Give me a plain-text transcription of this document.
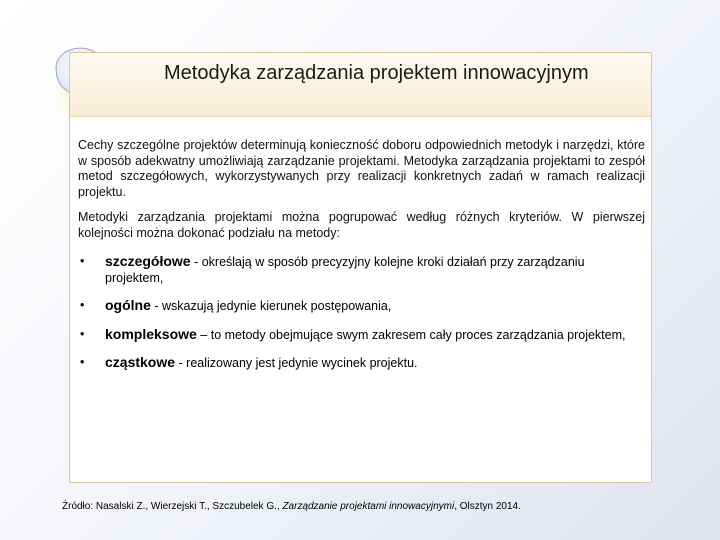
Metodyka zarządzania projektem innowacyjnym

Cechy szczególne projektów determinują konieczność doboru odpowiednich metodyk i narzędzi, które w sposób adekwatny umożliwiają zarządzanie projektami. Metodyka zarządzania projektami to zespół metod szczegółowych, wykorzystywanych przy realizacji konkretnych zadań w ramach realizacji projektu.

Metodyki zarządzania projektami można pogrupować według różnych kryteriów. W pierwszej kolejności można dokonać podziału na metody:

• szczegółowe - określają w sposób precyzyjny kolejne kroki działań przy zarządzaniu projektem,
• ogólne - wskazują jedynie kierunek postępowania,
• kompleksowe – to metody obejmujące swym zakresem cały proces zarządzania projektem,
• cząstkowe - realizowany jest jedynie wycinek projektu.
Źródło: Nasalski Z., Wierzejski T., Szczubelek G., Zarządzanie projektami innowacyjnymi, Olsztyn 2014.
